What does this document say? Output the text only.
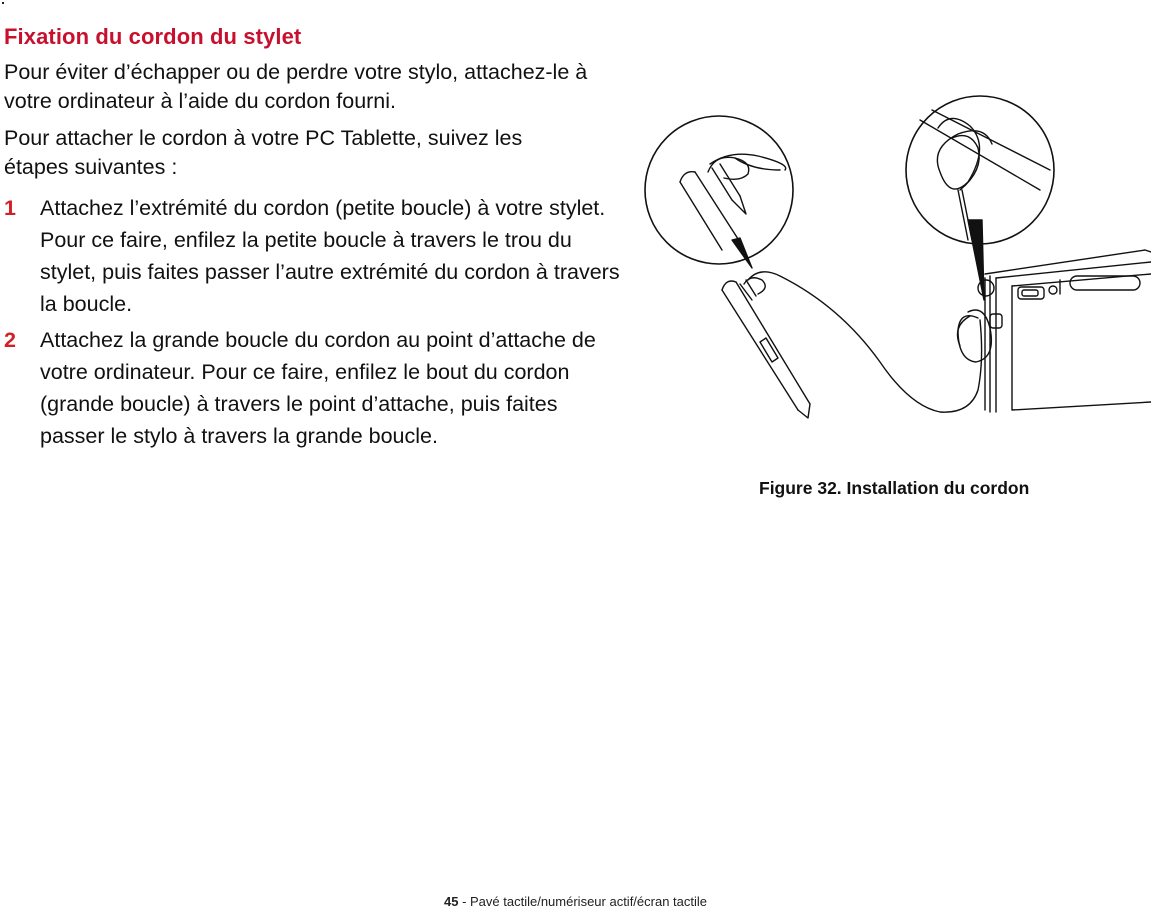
Fixation du cordon du stylet

Pour éviter d’échapper ou de perdre votre stylo, attachez-le à votre ordinateur à l’aide du cordon fourni.

Pour attacher le cordon à votre PC Tablette, suivez les étapes suivantes :

1 Attachez l’extrémité du cordon (petite boucle) à votre stylet. Pour ce faire, enfilez la petite boucle à travers le trou du stylet, puis faites passer l’autre extrémité du cordon à travers la boucle.
2 Attachez la grande boucle du cordon au point d’attache de votre ordinateur. Pour ce faire, enfilez le bout du cordon (grande boucle) à travers le point d’attache, puis faites passer le stylo à travers la grande boucle.
Figure 32. Installation du cordon
45 - Pavé tactile/numériseur actif/écran tactile
